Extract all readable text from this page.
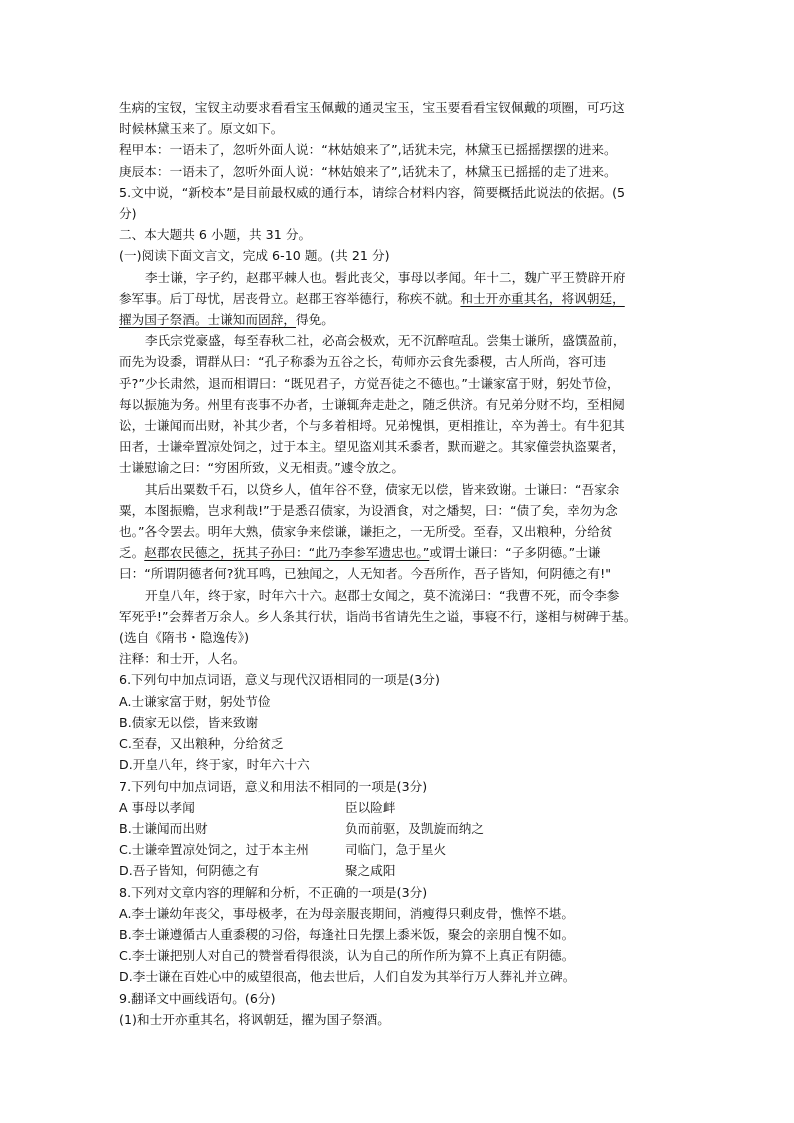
生病的宝钗，宝钗主动要求看看宝玉佩戴的通灵宝玉，宝玉要看看宝钗佩戴的项圈，可巧这
时候林黛玉来了。原文如下。
程甲本：一语未了，忽听外面人说：“林姑娘来了”,话犹未完，林黛玉已摇摇摆摆的进来。
庚辰本：一语未了，忽听外面人说：“林姑娘来了”,话犹未了，林黛玉已摇摇的走了进来。
5.文中说，“新校本”是目前最权威的通行本，请综合材料内容，简要概括此说法的依据。(5
分)
二、本大题共 6 小题，共 31 分。
(一)阅读下面文言文，完成 6-10 题。(共 21 分)
李士谦，字子约，赵郡平棘人也。髫此丧父，事母以孝闻。年十二，魏广平王赞辟开府
参军事。后丁母忧，居丧骨立。赵郡王容举德行，称疾不就。和士开亦重其名，将讽朝廷，
擢为国子祭酒。士谦知而固辞，得免。
李氏宗党豪盛，每至春秋二社，必高会极欢，无不沉醉喧乱。尝集士谦所，盛馔盈前，
而先为设黍，谓群从曰：“孔子称黍为五谷之长，荀师亦云食先黍稷，古人所尚，容可违
乎?”少长肃然，退而相谓曰：“既见君子，方觉吾徒之不德也。”士谦家富于财，躬处节俭，
每以振施为务。州里有丧事不办者，士谦辄奔走赴之，随乏供济。有兄弟分财不均，至相阋
讼，士谦闻而出财，补其少者，个与多着相埒。兄弟愧惧，更相推让，卒为善士。有牛犯其
田者，士谦牵置凉处饲之，过于本主。望见盗刈其禾黍者，默而避之。其家僮尝执盗粟者，
士谦慰谕之曰：“穷困所致，义无相责。”遽令放之。
其后出粟数千石，以贷乡人，值年谷不登，债家无以偿，皆来致谢。士谦曰：“吾家余
粟，本图振赡，岂求利哉!”于是悉召债家，为设酒食，对之燔契，曰：“债了矣，幸勿为念
也。”各令罢去。明年大熟，债家争来偿谦，谦拒之，一无所受。至春，又出粮种，分给贫
乏。赵郡农民德之，抚其子孙曰：“此乃李参军遗忠也。”或谓士谦曰：“子多阴德。”士谦
曰：“所谓阴德者何?犹耳鸣，已独闻之，人无知者。今吾所作，吾子皆知，何阴德之有!"
开皇八年，终于家，时年六十六。赵郡士女闻之，莫不流涕曰：“我曹不死，而令李参
军死乎!”会葬者万余人。乡人条其行状，诣尚书省请先生之谥，事寝不行，遂相与树碑于基。
(选自《隋书・隐逸传》)
注释：和士开，人名。
6.下列句中加点词语，意义与现代汉语相同的一项是(3分)
A.士谦家富于财，躬处节俭
B.债家无以偿，皆来致谢
C.至春，又出粮种，分给贫乏
D.开皇八年，终于家，时年六十六
7.下列句中加点词语，意义和用法不相同的一项是(3分)
A 事母以孝闻	臣以险衅
B.士谦闻而出财	负而前驱，及凯旋而纳之
C.士谦牵置凉处饲之，过于本主州	司临门，急于星火
D.吾子皆知，何阴德之有	聚之咸阳
8.下列对文章内容的理解和分析，不正确的一项是(3分)
A.李士谦幼年丧父，事母极孝，在为母亲服丧期间，消瘦得只剩皮骨，憔悴不堪。
B.李士谦遵循古人重黍稷的习俗，每逢社日先摆上黍米饭，聚会的亲朋自愧不如。
C.李士谦把别人对自己的赞誉看得很淡，认为自己的所作所为算不上真正有阴德。
D.李士谦在百姓心中的威望很高，他去世后，人们自发为其举行万人葬礼并立碑。
9.翻译文中画线语句。(6分)
(1)和士开亦重其名，将讽朝廷，擢为国子祭酒。
